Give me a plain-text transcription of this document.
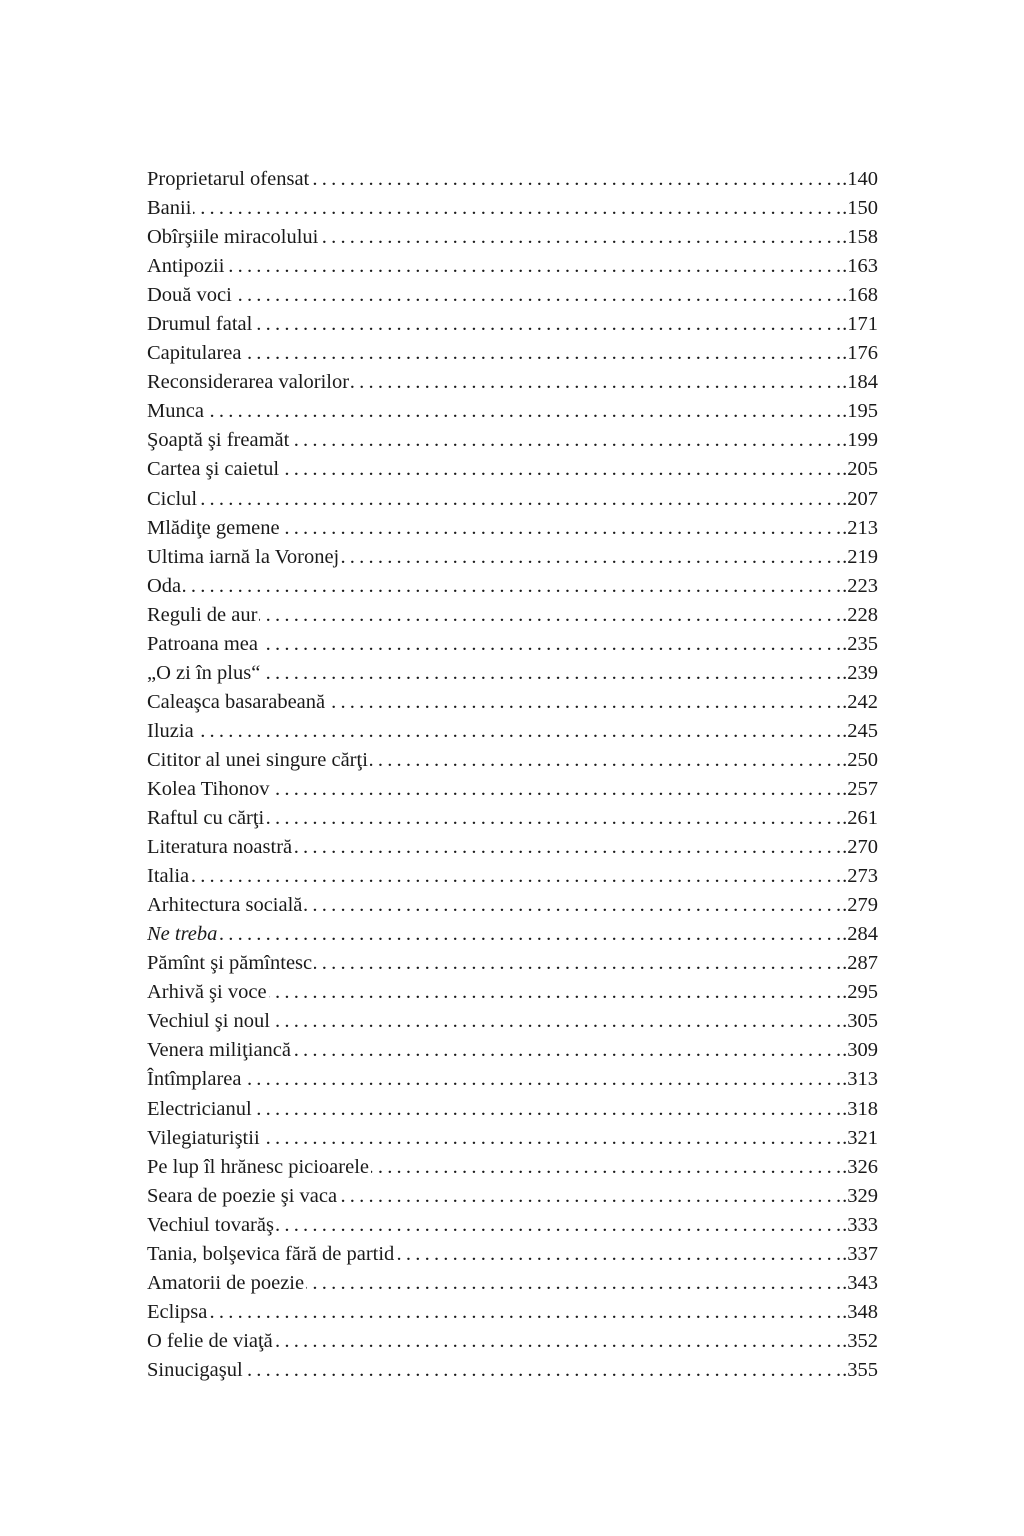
Proprietarul ofensat . . .	.140
Banii . . .	.150
Obîrşiile miracolului . . .	.158
Antipozii . . .	.163
Două voci . . .	.168
Drumul fatal . . .	.171
Capitularea . . .	.176
Reconsiderarea valorilor . . .	.184
Munca . . .	.195
Şoaptă şi freamăt . . .	.199
Cartea şi caietul . . .	.205
Ciclul . . .	.207
Mlădiţe gemene . . .	.213
Ultima iarnă la Voronej . . .	.219
Oda . . .	.223
Reguli de aur . . .	.228
Patroana mea . . .	.235
„O zi în plus“ . . .	.239
Caleaşca basarabeană . . .	.242
Iluzia . . .	.245
Cititor al unei singure cărţi . . .	.250
Kolea Tihonov . . .	.257
Raftul cu cărţi . . .	.261
Literatura noastră . . .	.270
Italia . . .	.273
Arhitectura socială . . .	.279
Ne treba . . .	.284
Pămînt şi pămîntesc . . .	.287
Arhivă şi voce . . .	.295
Vechiul şi noul . . .	.305
Venera miliţiancă . . .	.309
Întîmplarea . . .	.313
Electricianul . . .	.318
Vilegiaturiştii . . .	.321
Pe lup îl hrănesc picioarele . . .	.326
Seara de poezie şi vaca . . .	.329
Vechiul tovarăş . . .	.333
Tania, bolşevica fără de partid . . .	.337
Amatorii de poezie . . .	.343
Eclipsa . . .	.348
O felie de viaţă . . .	.352
Sinucigaşul . . .	.355
